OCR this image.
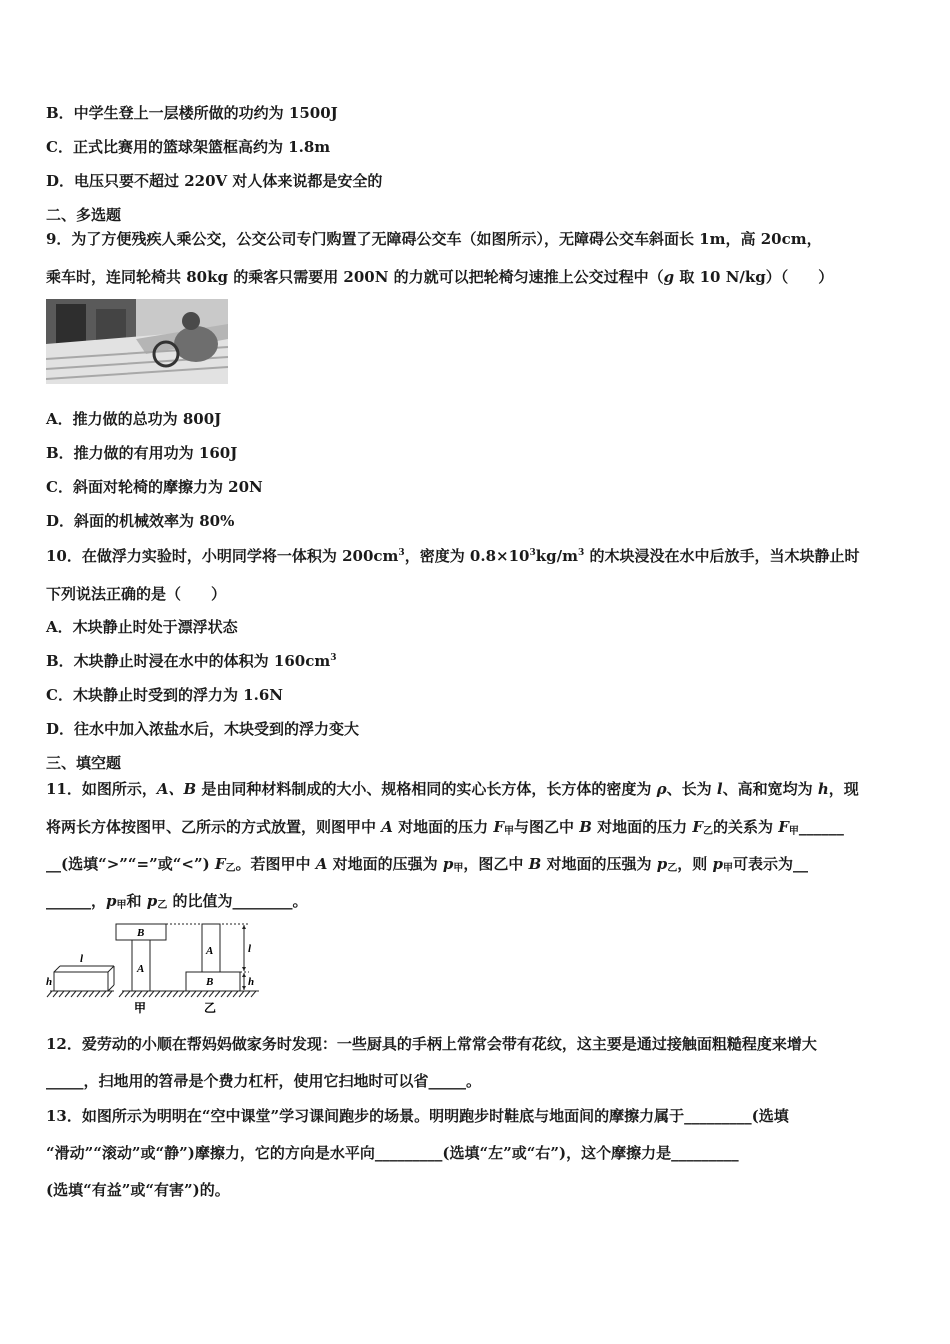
B．中学生登上一层楼所做的功约为 1500J
C．正式比赛用的篮球架篮框高约为 1.8m
D．电压只要不超过 220V 对人体来说都是安全的
二、多选题
9．为了方便残疾人乘公交，公交公司专门购置了无障碍公交车（如图所示），无障碍公交车斜面长 1m，高 20cm，
乘车时，连同轮椅共 80kg 的乘客只需要用 200N 的力就可以把轮椅匀速推上公交过程中（g 取 10 N/kg）（　　）
A．推力做的总功为 800J
B．推力做的有用功为 160J
C．斜面对轮椅的摩擦力为 20N
D．斜面的机械效率为 80%
10．在做浮力实验时，小明同学将一体积为 $200cm^3$，密度为 $0.8\times 10^3kg/m^3$ 的木块浸没在水中后放手，当木块静止时
下列说法正确的是（　　）
A．木块静止时处于漂浮状态
B．木块静止时浸在水中的体积为 $160cm^3$
C．木块静止时受到的浮力为 1.6N
D．往水中加入浓盐水后，木块受到的浮力变大
三、填空题
11．如图所示，A、B 是由同种材料制成的大小、规格相同的实心长方体，长方体的密度为 ρ、长为 l、高和宽均为 h，现
将两长方体按图甲、乙所示的方式放置，则图甲中 A 对地面的压力 $F_甲$与图乙中 B 对地面的压力 $F_乙$的关系为 $F_甲\_\_\_\_\_\_$
__(选填“>”“=”或“<”) $F_乙$。若图甲中 A 对地面的压强为 $p_甲$，图乙中 B 对地面的压强为 $p_乙$，则 $p_甲$可表示为__
______，$p_甲$和 $p_乙$ 的比值为________。
l
h
A
B
A
B
l
h
甲	乙
12．爱劳动的小顺在帮妈妈做家务时发现：一些厨具的手柄上常常会带有花纹，这主要是通过接触面粗糙程度来增大
_____，扫地用的笤帚是个费力杠杆，使用它扫地时可以省_____。
13．如图所示为明明在“空中课堂”学习课间跑步的场景。明明跑步时鞋底与地面间的摩擦力属于_________(选填
“滑动”“滚动”或“静”)摩擦力，它的方向是水平向_________(选填“左”或“右”)，这个摩擦力是_________
(选填“有益”或“有害”)的。
